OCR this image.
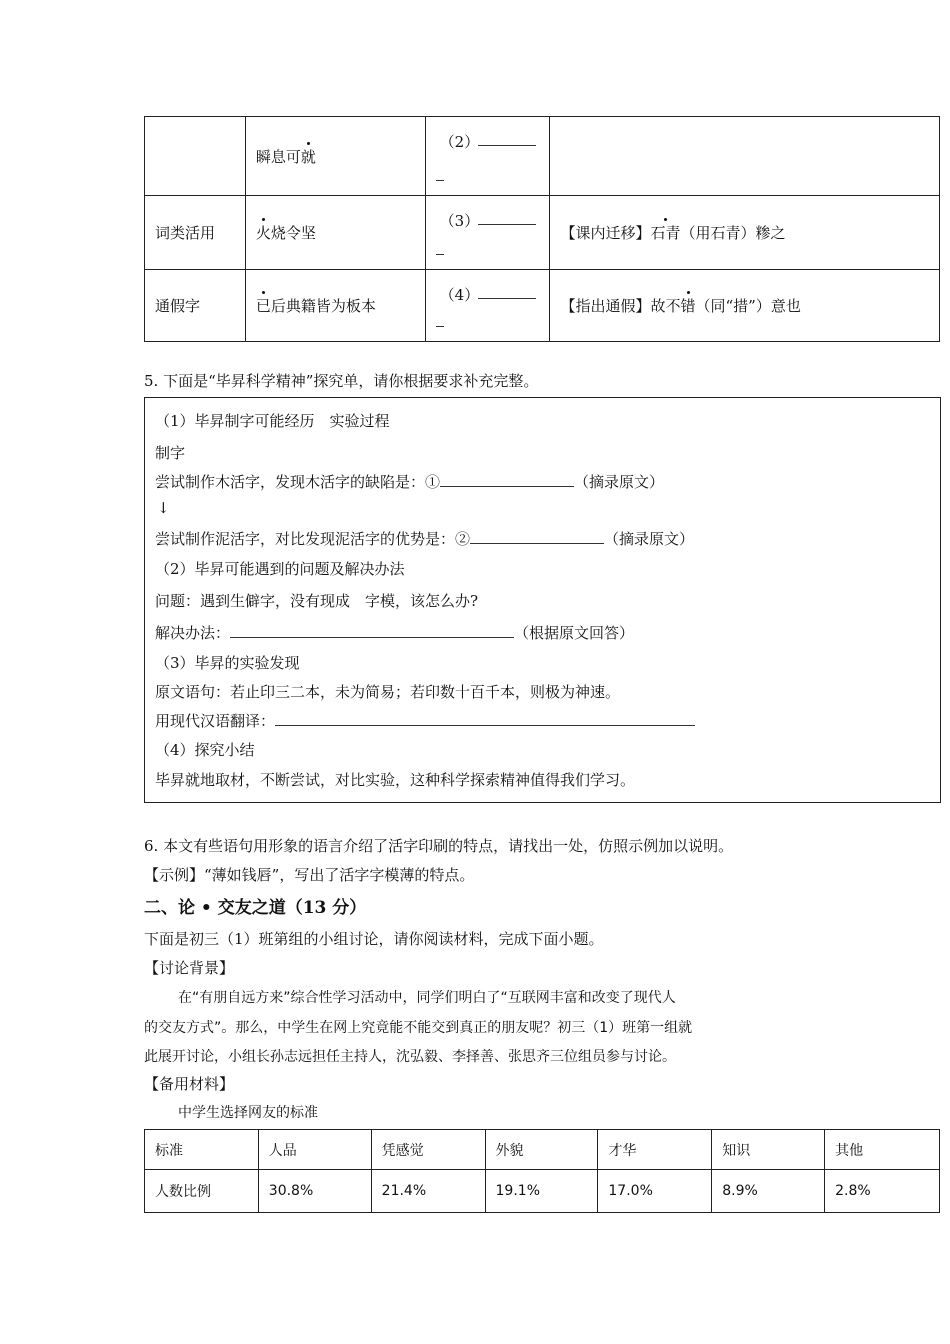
	瞬息可就	（2）	

词类活用	火烧令坚	（3）	【课内迁移】石青（用石青）糁之
通假字	已后典籍皆为板本	（4）	【指出通假】故不错（同“措”）意也
5. 下面是“毕昇科学精神”探究单，请你根据要求补充完整。
（1）毕昇制字可能经历　实验过程
制字
尝试制作木活字，发现木活字的缺陷是：①	（摘录原文）
↓
尝试制作泥活字，对比发现泥活字的优势是：②	（摘录原文）
（2）毕昇可能遇到的问题及解决办法
问题：遇到生僻字，没有现成　字模，该怎么办?
解决办法：	（根据原文回答）
（3）毕昇的实验发现
原文语句：若止印三二本，未为简易；若印数十百千本，则极为神速。
用现代汉语翻译：
（4）探究小结
毕昇就地取材，不断尝试，对比实验，这种科学探索精神值得我们学习。
6. 本文有些语句用形象的语言介绍了活字印刷的特点，请找出一处，仿照示例加以说明。
【示例】“薄如钱唇”，写出了活字字模薄的特点。
二、论 • 交友之道（13 分）
下面是初三（1）班第组的小组讨论，请你阅读材料，完成下面小题。
【讨论背景】
在“有朋自远方来”综合性学习活动中，同学们明白了“互联网丰富和改变了现代人
的交友方式”。那么，中学生在网上究竟能不能交到真正的朋友呢？初三（1）班第一组就
此展开讨论，小组长孙志远担任主持人，沈弘毅、李择善、张思齐三位组员参与讨论。
【备用材料】
中学生选择网友的标准
标准	人品	凭感觉	外貌	才华	知识	其他
人数比例	30.8%	21.4%	19.1%	17.0%	8.9%	2.8%
